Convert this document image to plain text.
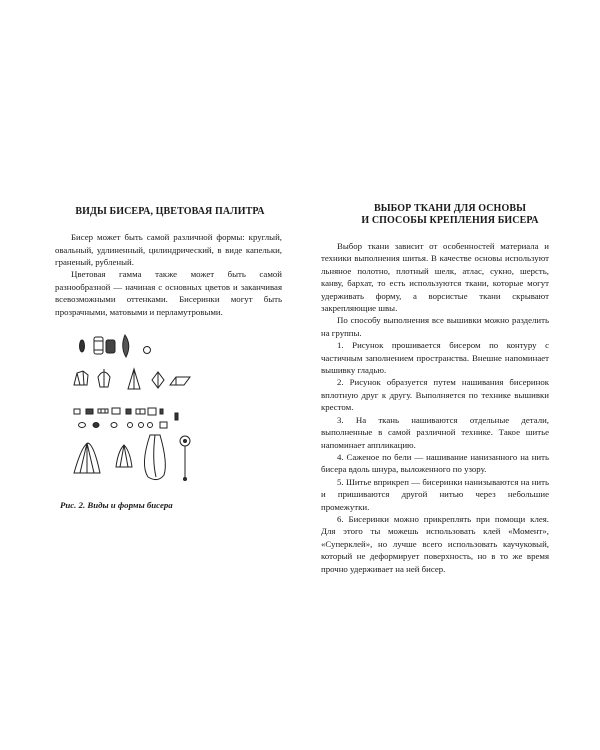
ВИДЫ БИСЕРА, ЦВЕТОВАЯ ПАЛИТРА

Бисер может быть самой различной формы: круглый, овальный, удлиненный, цилиндрический, в виде капельки, граненый, рубленый.

Цветовая гамма также может быть самой разнообразной — начиная с основных цветов и заканчивая всевозможными оттенками. Бисеринки могут быть прозрачными, матовыми и перламутровыми.

Рис. 2. Виды и формы бисера
ВЫБОР ТКАНИ ДЛЯ ОСНОВЫ
И СПОСОБЫ КРЕПЛЕНИЯ БИСЕРА

Выбор ткани зависит от особенностей материала и техники выполнения шитья. В качестве основы используют льняное полотно, плотный шелк, атлас, сукно, шерсть, канву, бархат, то есть используются ткани, которые могут удерживать форму, а ворсистые ткани скрывают закрепляющие швы.

По способу выполнения все вышивки можно разделить на группы.

1. Рисунок прошивается бисером по контуру с частичным заполнением пространства. Внешне напоминает вышивку гладью.

2. Рисунок образуется путем нашивания бисеринок вплотную друг к другу. Выполняется по технике вышивки крестом.

3. На ткань нашиваются отдельные детали, выполненные в самой различной технике. Такое шитье напоминает аппликацию.

4. Саженое по бели — нашивание нанизанного на нить бисера вдоль шнура, выложенного по узору.

5. Шитье вприкреп — бисеринки нанизываются на нить и пришиваются другой нитью через небольшие промежутки.

6. Бисеринки можно прикреплять при помощи клея. Для этого ты можешь использовать клей «Момент», «Суперклей», но лучше всего использовать каучуковый, который не деформирует поверхность, но в то же время прочно удерживает на ней бисер.
